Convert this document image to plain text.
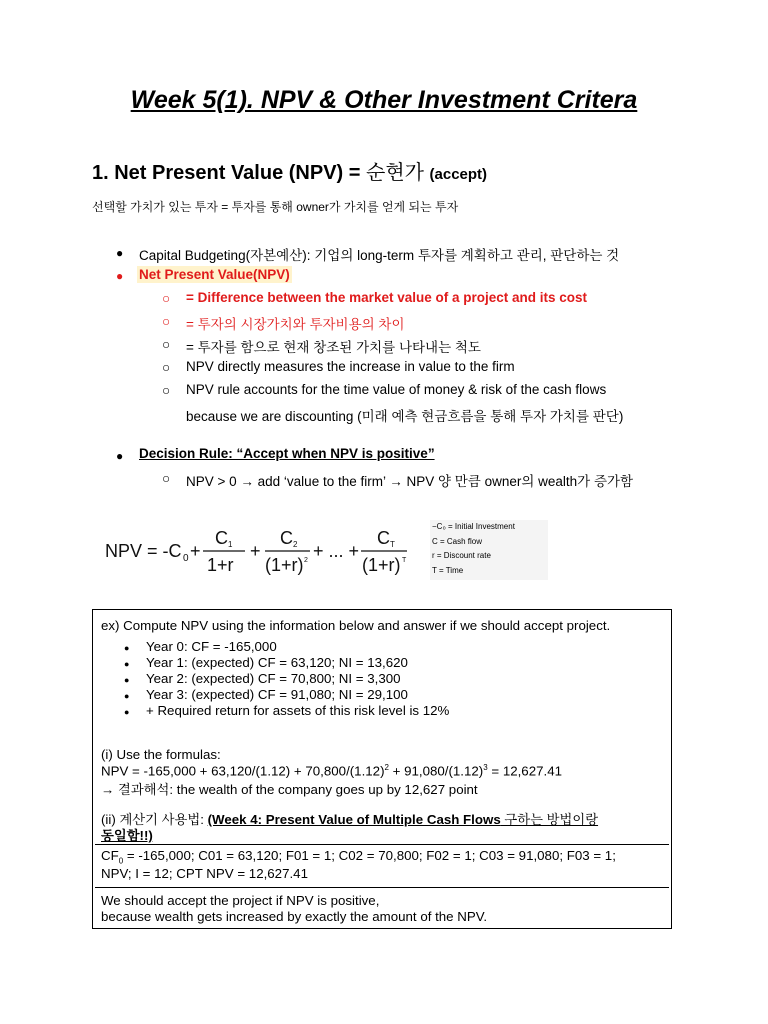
Week 5(1). NPV & Other Investment Critera
1. Net Present Value (NPV) = 순현가 (accept)
선택할 가치가 있는 투자 = 투자를 통해 owner가 가치를 얻게 되는 투자
● Capital Budgeting(자본예산): 기업의 long-term 투자를 계획하고 관리, 판단하는 것
● Net Present Value(NPV)
○ = Difference between the market value of a project and its cost
○ = 투자의 시장가치와 투자비용의 차이
○ = 투자를 함으로 현재 창조된 가치를 나타내는 척도
○ NPV directly measures the increase in value to the firm
○ NPV rule accounts for the time value of money & risk of the cash flows
because we are discounting (미래 예측 현금흐름을 통해 투자 가치를 판단)
● Decision Rule: “Accept when NPV is positive”
○ NPV > 0 → add ‘value to the firm’ → NPV 양 만큼 owner의 wealth가 증가함
NPV = -C 0 +
C 1
1+r
+
C 2
(1+r) 2 + ... +
C T
(1+r) T
−C₀ = Initial Investment
C = Cash flow
r = Discount rate
T = Time
ex) Compute NPV using the information below and answer if we should accept project.
● Year 0: CF = -165,000
● Year 1: (expected) CF = 63,120; NI = 13,620
● Year 2: (expected) CF = 70,800; NI = 3,300
● Year 3: (expected) CF = 91,080; NI = 29,100
● + Required return for assets of this risk level is 12%
(i) Use the formulas:
NPV = $-165,000 + 63,120/(1.12) + 70,800/(1.12)^2 + 91,080/(1.12)^3 = 12,627.41$
→ 결과해석: the wealth of the company goes up by 12,627 point
(ii) 계산기 사용법: (Week 4: Present Value of Multiple Cash Flows 구하는 방법이랑
동일함!!)
$CF_0 = -165,000$; C01 = 63,120; F01 = 1; C02 = 70,800; F02 = 1; C03 = 91,080; F03 = 1;
NPV; I = 12; CPT NPV = 12,627.41
We should accept the project if NPV is positive,
because wealth gets increased by exactly the amount of the NPV.
